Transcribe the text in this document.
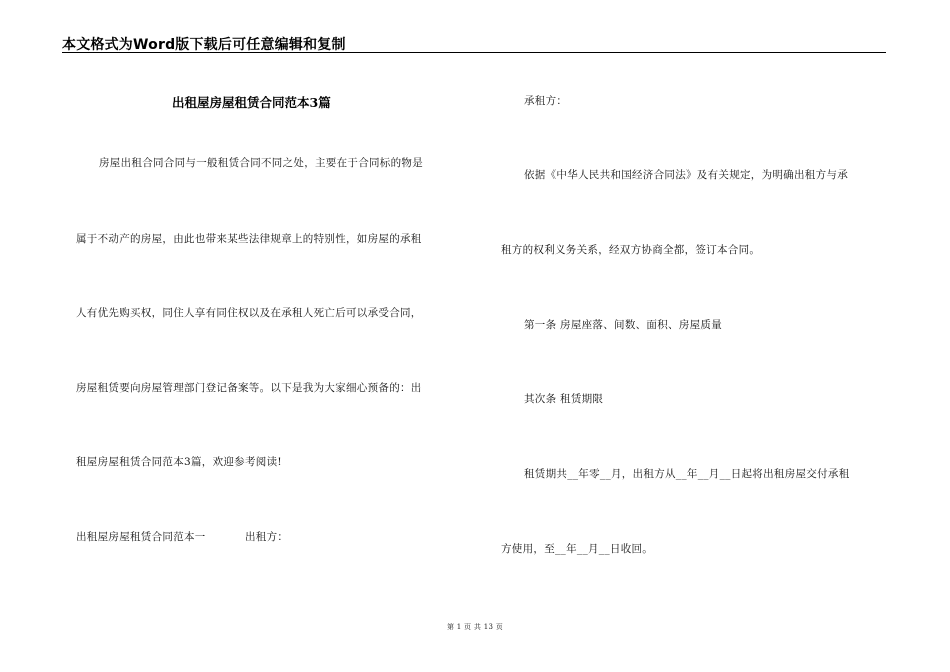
本文格式为Word版下载后可任意编辑和复制
出租屋房屋租赁合同范本3篇
房屋出租合同合同与一般租赁合同不同之处，主要在于合同标的物是
属于不动产的房屋，由此也带来某些法律规章上的特别性，如房屋的承租
人有优先购买权，同住人享有同住权以及在承租人死亡后可以承受合同，
房屋租赁要向房屋管理部门登记备案等。以下是我为大家细心预备的：出
租屋房屋租赁合同范本3篇，欢迎参考阅读!
出租屋房屋租赁合同范本一	出租方：
承租方：
依据《中华人民共和国经济合同法》及有关规定，为明确出租方与承
租方的权利义务关系，经双方协商全都，签订本合同。
第一条 房屋座落、间数、面积、房屋质量
其次条 租赁期限
租赁期共__年零__月，出租方从__年__月__日起将出租房屋交付承租
方使用，至__年__月__日收回。
第 1 页 共 13 页
